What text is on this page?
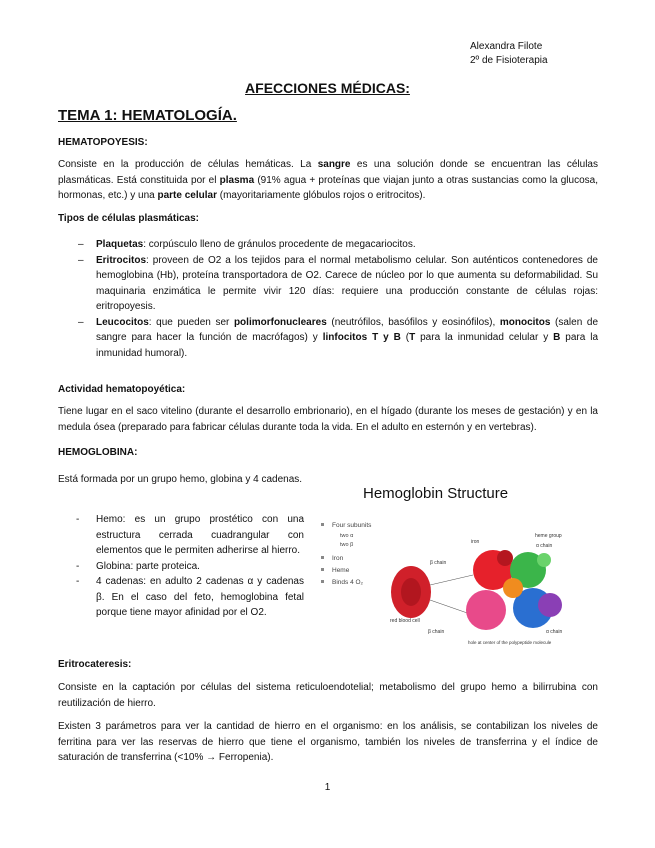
Alexandra Filote
2º de Fisioterapia
AFECCIONES MÉDICAS:
TEMA 1: HEMATOLOGÍA.
HEMATOPOYESIS:

Consiste en la producción de células hemáticas. La sangre es una solución donde se encuentran las células plasmáticas. Está constituida por el plasma (91% agua + proteínas que viajan junto a otras sustancias como la glucosa, hormonas, etc.) y una parte celular (mayoritariamente glóbulos rojos o eritrocitos).

Tipos de células plasmáticas:
– Plaquetas: corpúsculo lleno de gránulos procedente de megacariocitos.
– Eritrocitos: proveen de O2 a los tejidos para el normal metabolismo celular. Son auténticos contenedores de hemoglobina (Hb), proteína transportadora de O2. Carece de núcleo por lo que aumenta su deformabilidad. Su maquinaria enzimática le permite vivir 120 días: requiere una producción constante de células rojas: eritropoyesis.
– Leucocitos: que pueden ser polimorfonucleares (neutrófilos, basófilos y eosinófilos), monocitos (salen de sangre para hacer la función de macrófagos) y linfocitos T y B (T para la inmunidad celular y B para la inmunidad humoral).
Actividad hematopoyética:

Tiene lugar en el saco vitelino (durante el desarrollo embrionario), en el hígado (durante los meses de gestación) y en la medula ósea (preparado para fabricar células durante toda la vida. En el adulto en esternón y en vertebras).

HEMOGLOBINA:

Está formada por un grupo hemo, globina y 4 cadenas.

- Hemo: es un grupo prostético con una estructura cerrada cuadrangular con elementos que le permiten adherirse al hierro.
- Globina: parte proteica.
- 4 cadenas: en adulto 2 cadenas α y cadenas β. En el caso del feto, hemoglobina fetal porque tiene mayor afinidad por el O2.
Hemoglobin Structure
Four subunits
two α
two β
Iron
Heme
Binds 4 O₂
β chain
iron
heme group
α chain
red blood cell
β chain	α chain
hole at center of the polypeptide molecule
Eritrocateresis:

Consiste en la captación por células del sistema reticuloendotelial; metabolismo del grupo hemo a bilirrubina con reutilización de hierro.

Existen 3 parámetros para ver la cantidad de hierro en el organismo: en los análisis, se contabilizan los niveles de ferritina para ver las reservas de hierro que tiene el organismo, también los niveles de transferrina y el índice de saturación de transferrina (<10% → Ferropenia).

1
